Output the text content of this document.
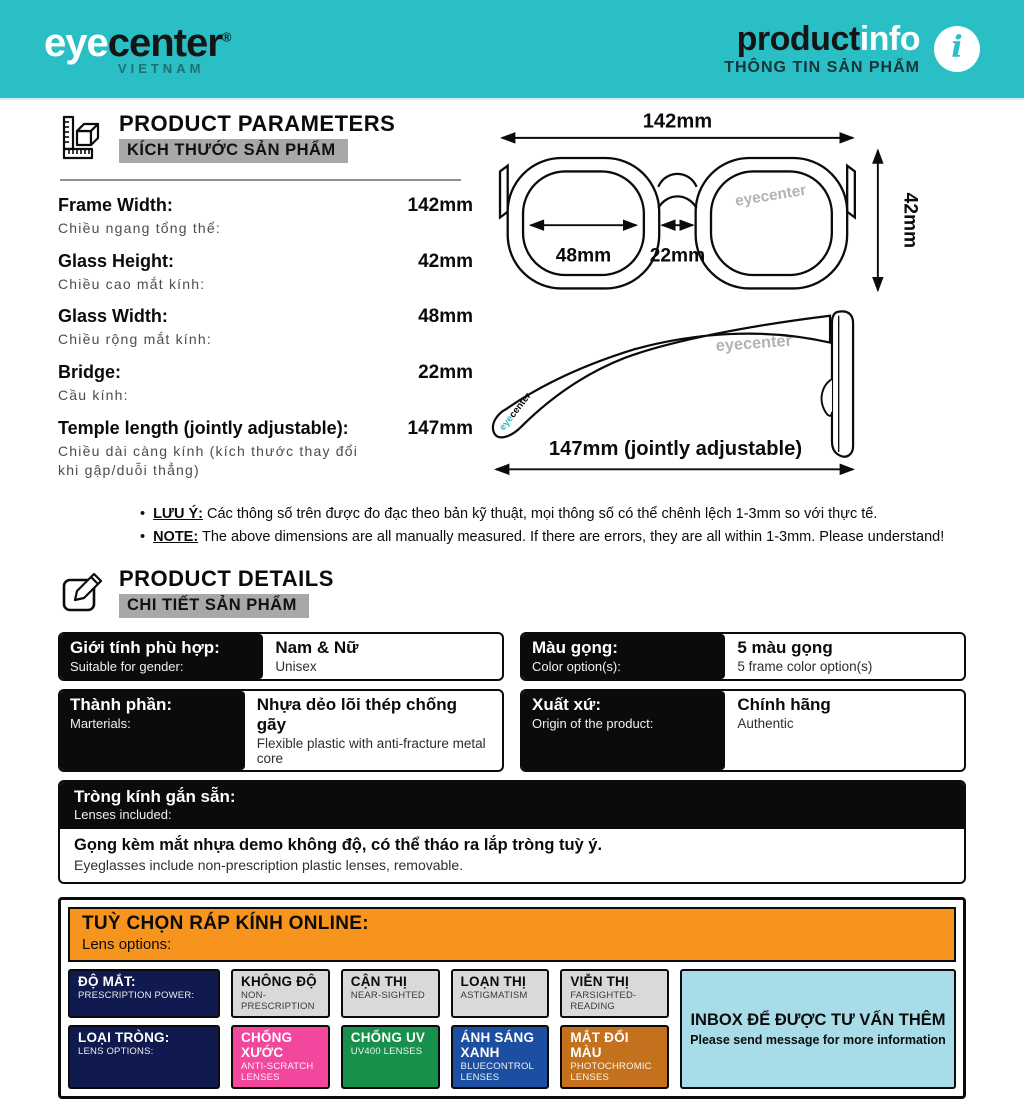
eyecenter®
VIETNAM
productinfo
THÔNG TIN SẢN PHẨM
i
PRODUCT PARAMETERS
KÍCH THƯỚC SẢN PHẨM
Frame Width:
Chiều ngang tổng thể:
142mm
Glass Height:
Chiều cao mắt kính:
42mm
Glass Width:
Chiều rộng mắt kính:
48mm
Bridge:
Cầu kính:
22mm
Temple length (jointly adjustable):
Chiều dài càng kính (kích thước thay đổi khi gập/duỗi thẳng)
147mm
142mm
48mm 22mm
eyecenter	42mm

eyecenter
eyecenter
147mm (jointly adjustable)
• LƯU Ý: Các thông số trên được đo đạc theo bản kỹ thuật, mọi thông số có thể chênh lệch 1-3mm so với thực tế.
• NOTE: The above dimensions are all manually measured. If there are errors, they are all within 1-3mm. Please understand!
PRODUCT DETAILS
CHI TIẾT SẢN PHẨM
Giới tính phù hợp:
Suitable for gender:
Nam & Nữ
Unisex
Màu gọng:
Color option(s):
5 màu gọng
5 frame color option(s)
Thành phần:
Marterials:
Nhựa dẻo lõi thép chống gãy
Flexible plastic with anti-fracture metal core
Xuất xứ:
Origin of the product:
Chính hãng
Authentic
Tròng kính gắn sẵn:
Lenses included:
Gọng kèm mắt nhựa demo không độ, có thể tháo ra lắp tròng tuỳ ý.
Eyeglasses include non-prescription plastic lenses, removable.
TUỲ CHỌN RÁP KÍNH ONLINE:
Lens options:
ĐỘ MẮT:
PRESCRIPTION POWER:
KHÔNG ĐỘ
NON-PRESCRIPTION
CẬN THỊ
NEAR-SIGHTED
LOẠN THỊ
ASTIGMATISM
VIỄN THỊ
FARSIGHTED-READING
INBOX ĐỂ ĐƯỢC TƯ VẤN THÊM
Please send message for more information
LOẠI TRÒNG:
LENS OPTIONS:
CHỐNG XƯỚC
ANTI-SCRATCH LENSES
CHỐNG UV
UV400 LENSES
ÁNH SÁNG XANH
BLUECONTROL LENSES
MẮT ĐỔI MÀU
PHOTOCHROMIC LENSES
